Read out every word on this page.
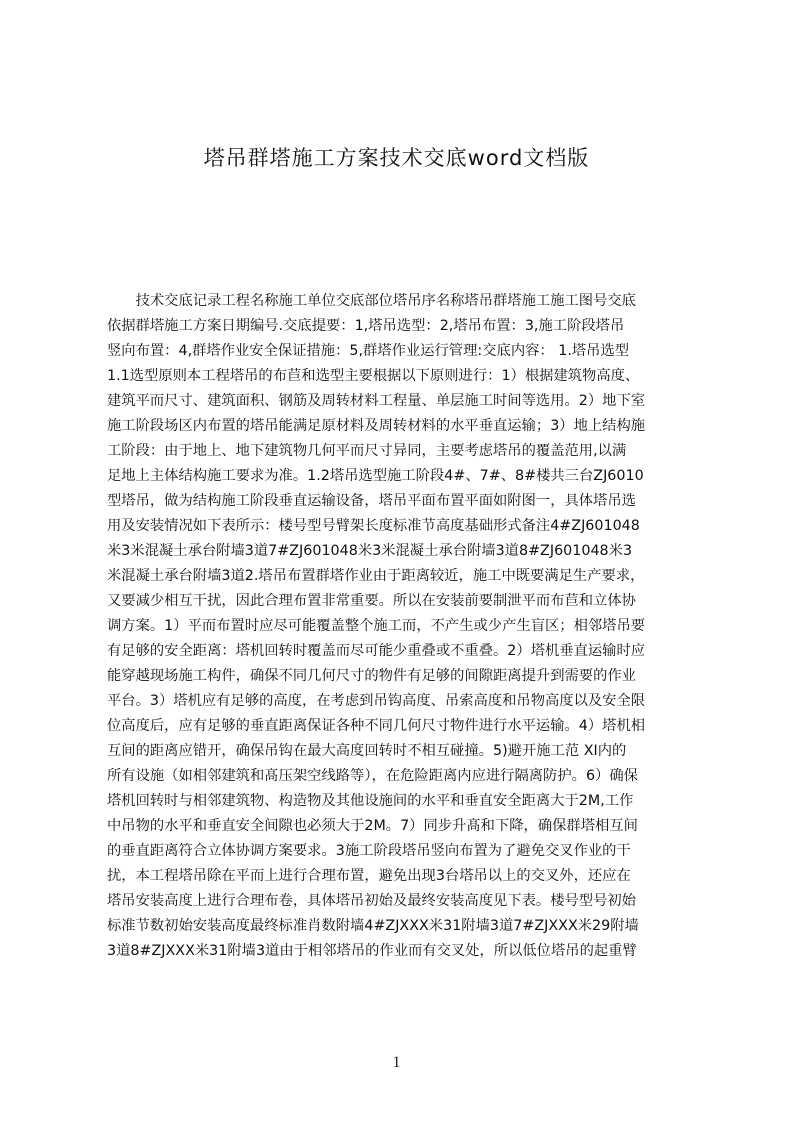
塔吊群塔施工方案技术交底word文档版
　　技术交底记录工程名称施工单位交底部位塔吊序名称塔吊群塔施工施工图号交底
依据群塔施工方案日期编号.交底提要：1,塔吊选型：2,塔吊布置：3,施工阶段塔吊
竖向布置：4,群塔作业安全保证措施：5,群塔作业运行管理:交底内容： 1.塔吊选型
1.1选型原则本工程塔吊的布苣和选型主要根据以下原则进行：1）根据建筑物高度、
建筑平而尺寸、建筑面积、钢筋及周转材料工程量、单层施工时间等选用。2）地下室
施工阶段场区内布置的塔吊能满足原材料及周转材料的水平垂直运输；3）地上结构施
工阶段：由于地上、地下建筑物几何平而尺寸异同，主要考虑塔吊的覆盖范用,以满
足地上主体结构施工要求为准。1.2塔吊选型施工阶段4#、7#、8#楼共三台ZJ6010
型塔吊，做为结构施工阶段垂直运输设备，塔吊平面布置平面如附图一，具体塔吊选
用及安装情况如下表所示：楼号型号臂架长度标准节高度基础形式备注4#ZJ601048
米3米混凝土承台附墙3道7#ZJ601048米3米混凝土承台附墙3道8#ZJ601048米3
米混凝土承台附墙3道2.塔吊布置群塔作业由于距离较近，施工中既要满足生产要求，
又要减少相互干扰，因此合理布置非常重要。所以在安装前要制泄平而布苣和立体协
调方案。1）平而布置时应尽可能覆盖整个施工而，不产生或少产生盲区；相邻塔吊要
有足够的安全距离：塔机回转时覆盖而尽可能少重叠或不重叠。2）塔机垂直运输时应
能穿越现场施工构件，确保不同几何尺寸的物件有足够的间隙距离提升到需要的作业
平台。3）塔机应有足够的高度，在考虑到吊钩高度、吊索高度和吊物高度以及安全限
位高度后，应有足够的垂直距离保证各种不同几何尺寸物件进行水平运输。4）塔机相
互间的距离应错开，确保吊钩在最大高度回转时不相互碰撞。5)避开施工范 XI内的
所有设施（如相邻建筑和髙压架空线路等），在危险距离内应进行隔离防护。6）确保
塔机回转时与相邻建筑物、构造物及其他设施间的水平和垂直安全距离大于2M,工作
中吊物的水平和垂直安全间隙也必须大于2M。7）同步升髙和下降，确保群塔相互间
的垂直距离符合立体协调方案要求。3施工阶段塔吊竖向布置为了避免交叉作业的干
扰，本工程塔吊除在平而上进行合理布置，避免出现3台塔吊以上的交叉外，还应在
塔吊安装高度上进行合理布卷，具体塔吊初始及最终安装高度见下表。楼号型号初始
标准节数初始安装高度最终标准肖数附墙4#ZJXXX米31附墙3道7#ZJXXX米29附墙
3道8#ZJXXX米31附墙3道由于相邻塔吊的作业而有交叉处，所以低位塔吊的起重臂
1
